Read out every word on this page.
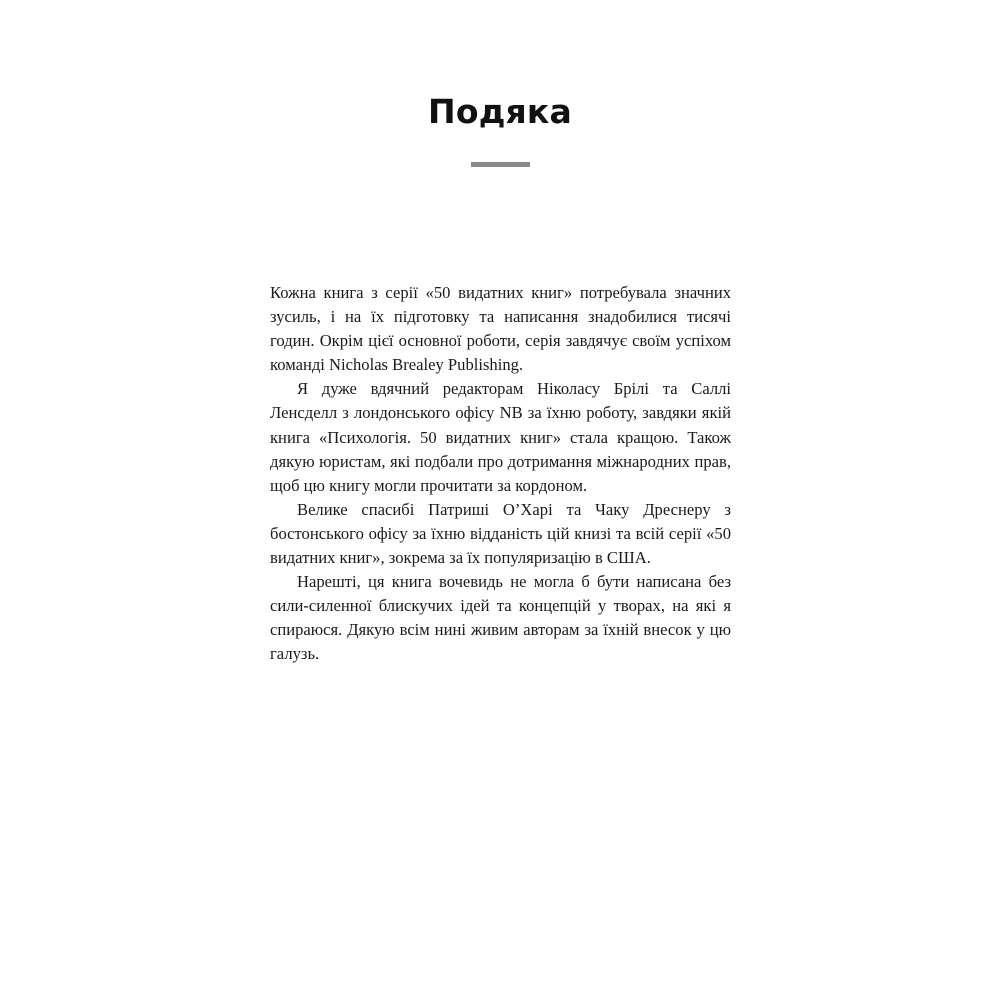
Подяка

Кожна книга з серії «50 видатних книг» потребувала значних зусиль, і на їх підготовку та написання знадобилися тисячі годин. Окрім цієї основної роботи, серія завдячує своїм успіхом команді Nicholas Brealey Publishing.

Я дуже вдячний редакторам Ніколасу Брілі та Саллі Ленсделл з лондонського офісу NB за їхню роботу, завдяки якій книга «Психологія. 50 видатних книг» стала кращою. Також дякую юристам, які подбали про дотримання міжнародних прав, щоб цю книгу могли прочитати за кордоном.

Велике спасибі Патриші О’Харі та Чаку Дреснеру з бостонського офісу за їхню відданість цій книзі та всій серії «50 видатних книг», зокрема за їх популяризацію в США.

Нарешті, ця книга вочевидь не могла б бути написана без сили-силенної блискучих ідей та концепцій у творах, на які я спираюся. Дякую всім нині живим авторам за їхній внесок у цю галузь.
